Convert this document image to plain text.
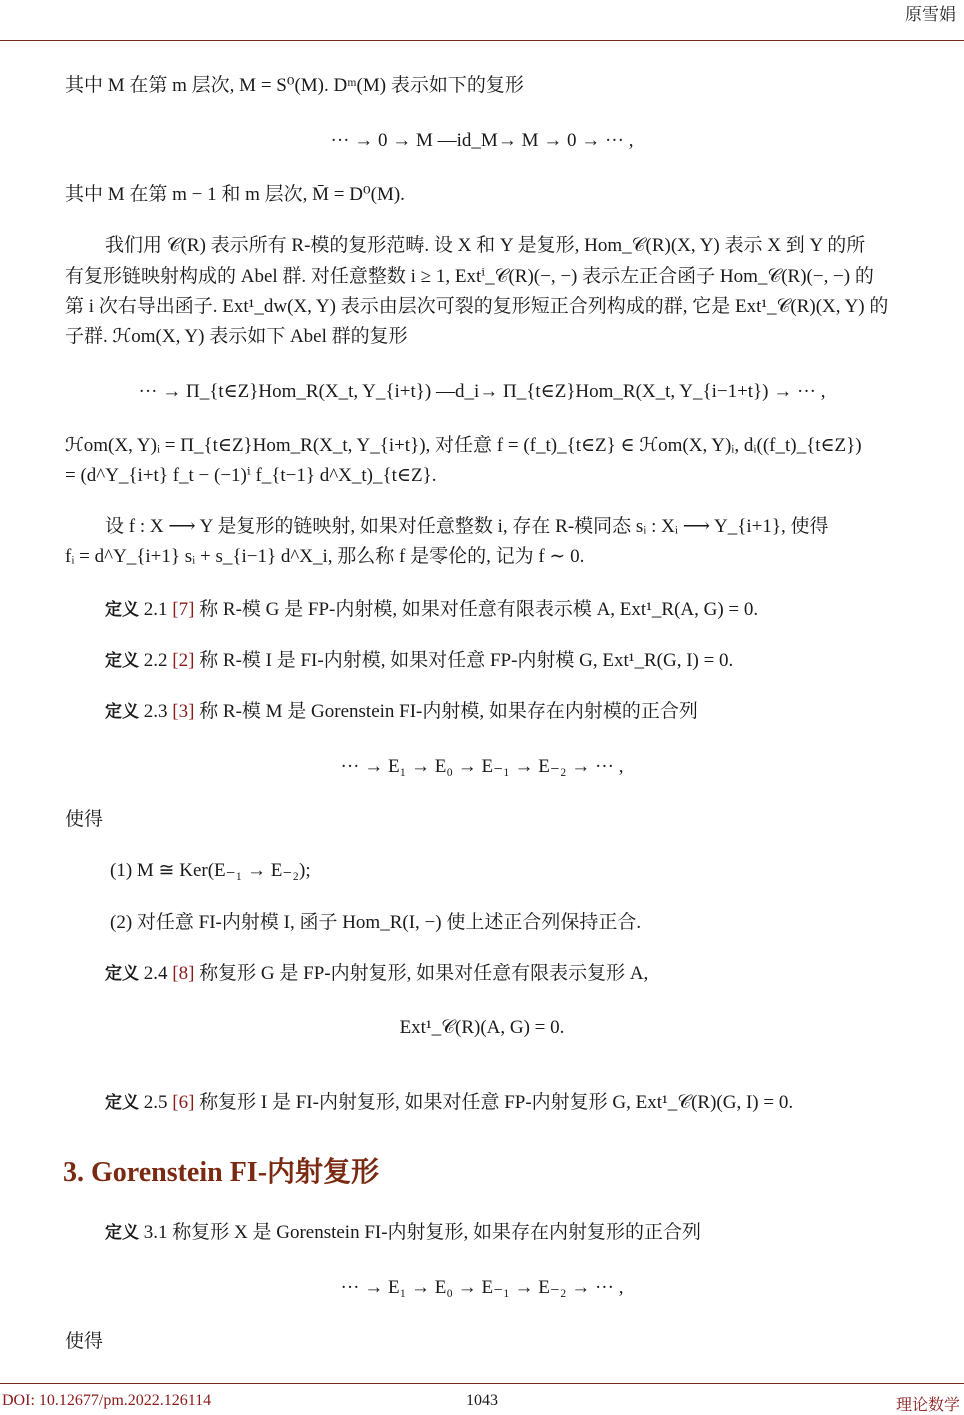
原雪娟
其中 M 在第 m 层次, M = S⁰(M). Dᵐ(M) 表示如下的复形
··· → 0 → M —id_M→ M → 0 → ··· ,
其中 M 在第 m − 1 和 m 层次, M̄ = D⁰(M).
我们用 𝒞(R) 表示所有 R-模的复形范畴. 设 X 和 Y 是复形, Hom_𝒞(R)(X, Y) 表示 X 到 Y 的所
有复形链映射构成的 Abel 群. 对任意整数 i ≥ 1, Extⁱ_𝒞(R)(−, −) 表示左正合函子 Hom_𝒞(R)(−, −) 的
第 i 次右导出函子. Ext¹_dw(X, Y) 表示由层次可裂的复形短正合列构成的群, 它是 Ext¹_𝒞(R)(X, Y) 的
子群. ℋom(X, Y) 表示如下 Abel 群的复形
··· → Π_{t∈Z}Hom_R(X_t, Y_{i+t}) —d_i→ Π_{t∈Z}Hom_R(X_t, Y_{i−1+t}) → ··· ,
ℋom(X, Y)ᵢ = Π_{t∈Z}Hom_R(X_t, Y_{i+t}), 对任意 f = (f_t)_{t∈Z} ∈ ℋom(X, Y)ᵢ, dᵢ((f_t)_{t∈Z})
= (d^Y_{i+t} f_t − (−1)ⁱ f_{t−1} d^X_t)_{t∈Z}.
设 f : X ⟶ Y 是复形的链映射, 如果对任意整数 i, 存在 R-模同态 sᵢ : Xᵢ ⟶ Y_{i+1}, 使得
fᵢ = d^Y_{i+1} sᵢ + s_{i−1} d^X_i, 那么称 f 是零伦的, 记为 f ∼ 0.
定义 2.1 [7] 称 R-模 G 是 FP-内射模, 如果对任意有限表示模 A, Ext¹_R(A, G) = 0.
定义 2.2 [2] 称 R-模 I 是 FI-内射模, 如果对任意 FP-内射模 G, Ext¹_R(G, I) = 0.
定义 2.3 [3] 称 R-模 M 是 Gorenstein FI-内射模, 如果存在内射模的正合列
··· → E₁ → E₀ → E₋₁ → E₋₂ → ··· ,
使得
(1) M ≅ Ker(E₋₁ → E₋₂);
(2) 对任意 FI-内射模 I, 函子 Hom_R(I, −) 使上述正合列保持正合.
定义 2.4 [8] 称复形 G 是 FP-内射复形, 如果对任意有限表示复形 A,
Ext¹_𝒞(R)(A, G) = 0.
定义 2.5 [6] 称复形 I 是 FI-内射复形, 如果对任意 FP-内射复形 G, Ext¹_𝒞(R)(G, I) = 0.
3. Gorenstein FI-内射复形
定义 3.1 称复形 X 是 Gorenstein FI-内射复形, 如果存在内射复形的正合列
··· → E₁ → E₀ → E₋₁ → E₋₂ → ··· ,
使得
DOI: 10.12677/pm.2022.126114	1043	理论数学
